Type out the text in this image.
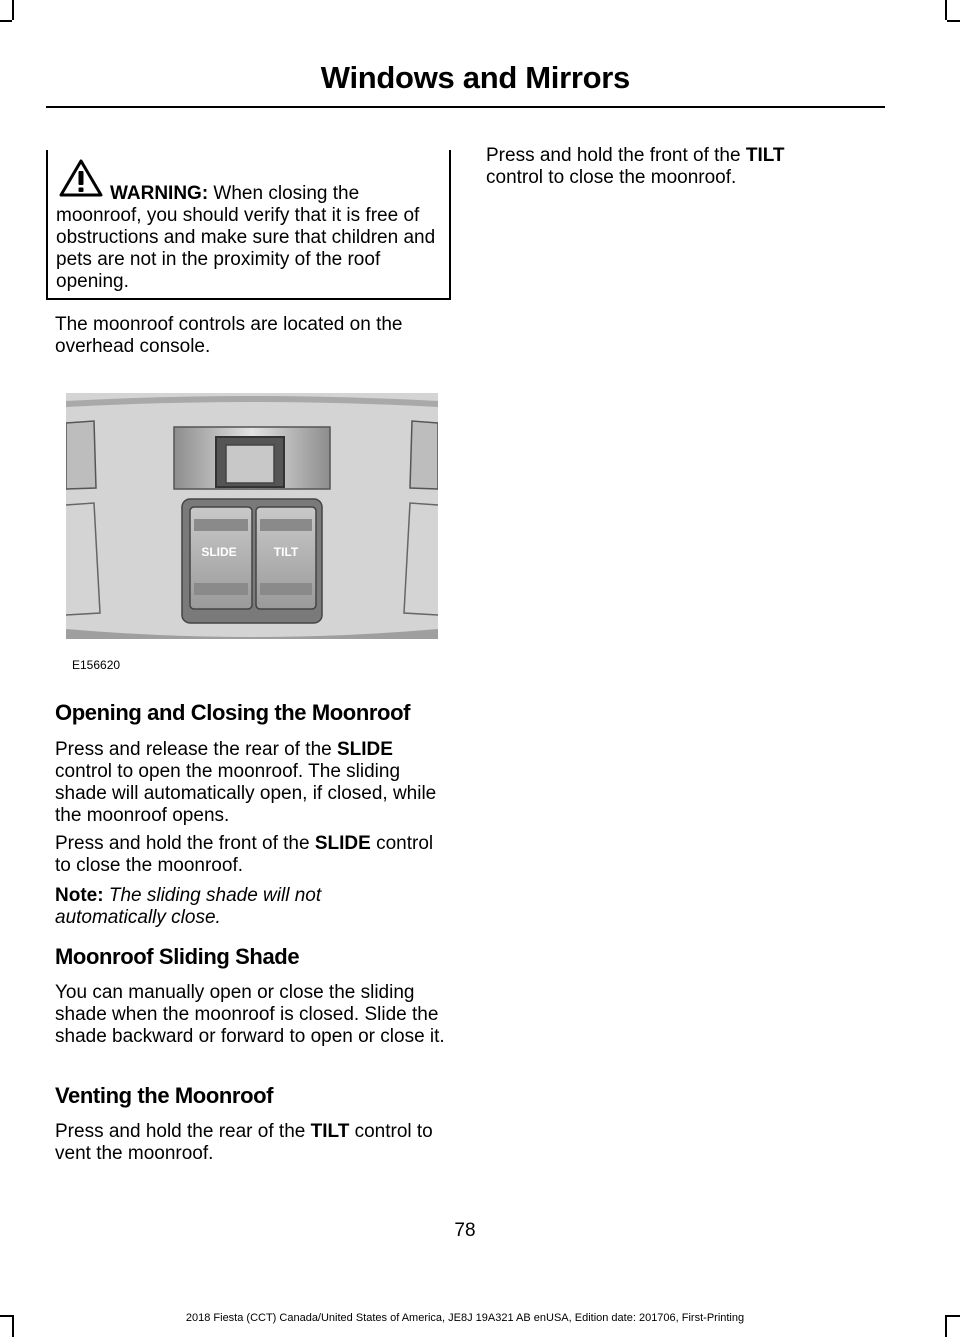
Windows and Mirrors
WARNING: When closing the moonroof, you should verify that it is free of obstructions and make sure that children and pets are not in the proximity of the roof opening.

The moonroof controls are located on the overhead console.

SLIDE	TILT
E156620
Opening and Closing the Moonroof

Press and release the rear of the SLIDE control to open the moonroof. The sliding shade will automatically open, if closed, while the moonroof opens.

Press and hold the front of the SLIDE control to close the moonroof.

Note: The sliding shade will not automatically close.

Moonroof Sliding Shade

You can manually open or close the sliding shade when the moonroof is closed. Slide the shade backward or forward to open or close it.

Venting the Moonroof

Press and hold the rear of the TILT control to vent the moonroof.

Press and hold the front of the TILT control to close the moonroof.

78
2018 Fiesta (CCT) Canada/United States of America, JE8J 19A321 AB enUSA, Edition date: 201706, First-Printing
